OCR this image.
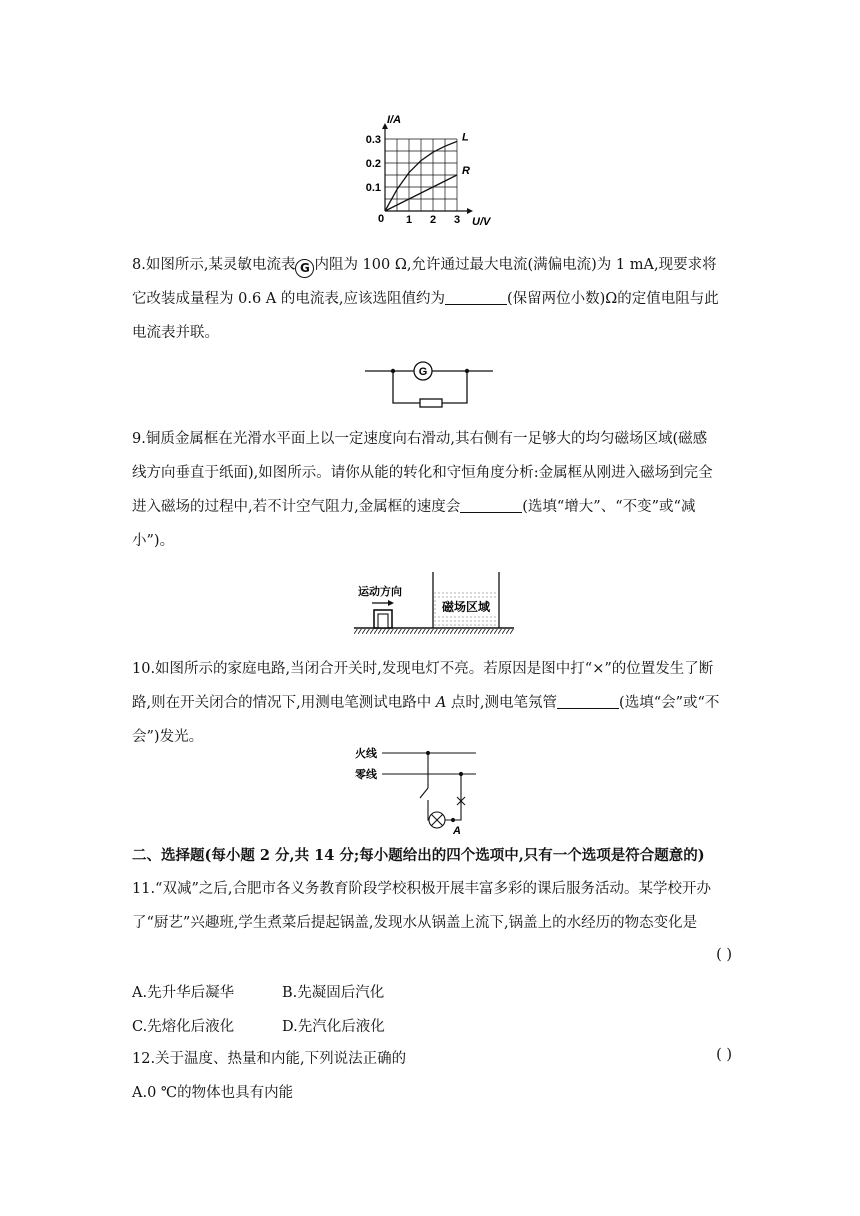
1 2 3
0.1
0.2
0.3	L
R
I/A
U/V
0
8.如图所示,某灵敏电流表 G 内阻为 100 Ω,允许通过最大电流(满偏电流)为 1 mA,现要求将
它改装成量程为 0.6 A 的电流表,应该选阻值约为	(保留两位小数)Ω的定值电阻与此
电流表并联。
G
9.铜质金属框在光滑水平面上以一定速度向右滑动,其右侧有一足够大的均匀磁场区域(磁感
线方向垂直于纸面),如图所示。请你从能的转化和守恒角度分析:金属框从刚进入磁场到完全
进入磁场的过程中,若不计空气阻力,金属框的速度会	(选填“增大”、“不变”或“减
小”)。
磁场区域
运动方向
10.如图所示的家庭电路,当闭合开关时,发现电灯不亮。若原因是图中打“×”的位置发生了断
路,则在开关闭合的情况下,用测电笔测试电路中 A 点时,测电笔氖管	(选填“会”或“不
会”)发光。
火线
零线
A
二、选择题(每小题 2 分,共 14 分;每小题给出的四个选项中,只有一个选项是符合题意的)
11.“双减”之后,合肥市各义务教育阶段学校积极开展丰富多彩的课后服务活动。某学校开办
了“厨艺”兴趣班,学生煮菜后提起锅盖,发现水从锅盖上流下,锅盖上的水经历的物态变化是
( )
A.先升华后凝华	B.先凝固后汽化
C.先熔化后液化	D.先汽化后液化
12.关于温度、热量和内能,下列说法正确的	( )
A.0 ℃的物体也具有内能
